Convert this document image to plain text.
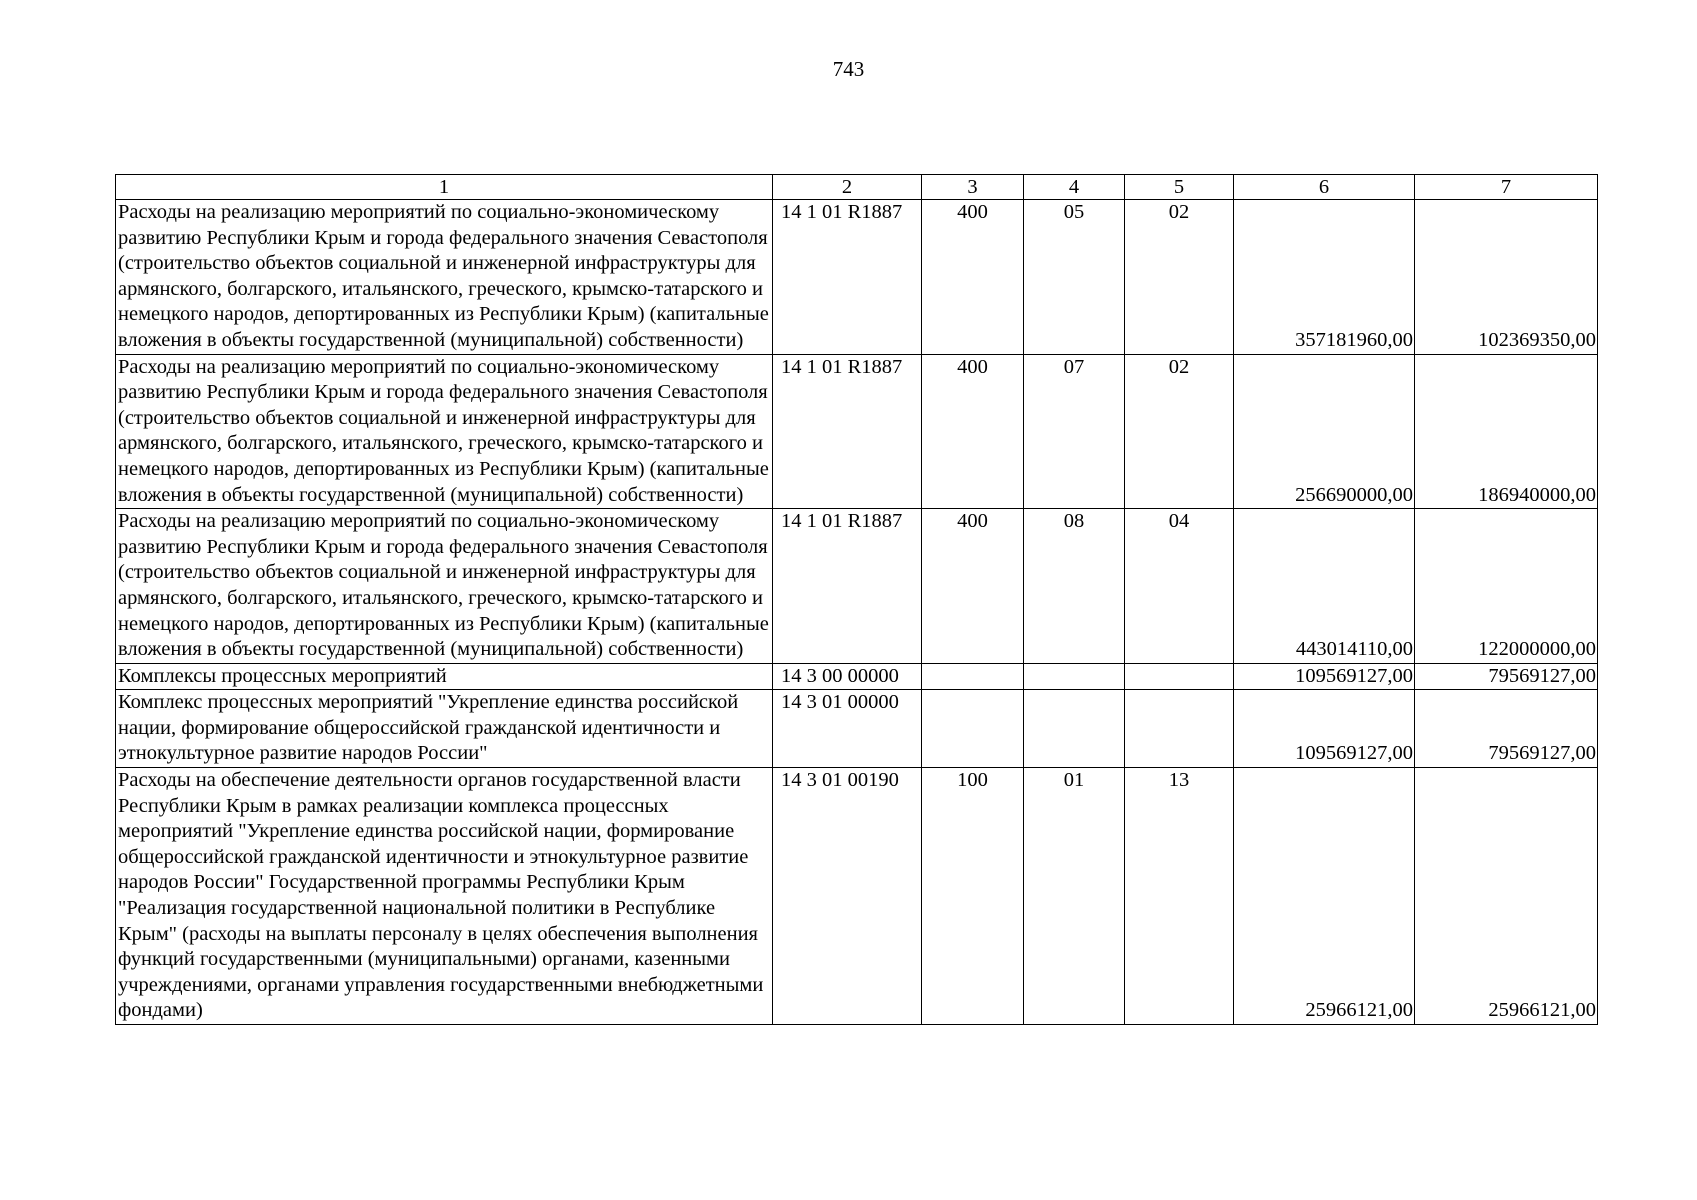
743
1	2	3	4	5	6	7
Расходы на реализацию мероприятий по социально-экономическому развитию Республики Крым и города федерального значения Севастополя (строительство объектов социальной и инженерной инфраструктуры для армянского, болгарского, итальянского, греческого, крымско-татарского и немецкого народов, депортированных из Республики Крым) (капитальные вложения в объекты государственной (муниципальной) собственности)	14 1 01 R1887	400	05	02	357181960,00	102369350,00
Расходы на реализацию мероприятий по социально-экономическому развитию Республики Крым и города федерального значения Севастополя (строительство объектов социальной и инженерной инфраструктуры для армянского, болгарского, итальянского, греческого, крымско-татарского и немецкого народов, депортированных из Республики Крым) (капитальные вложения в объекты государственной (муниципальной) собственности)	14 1 01 R1887	400	07	02	256690000,00	186940000,00
Расходы на реализацию мероприятий по социально-экономическому развитию Республики Крым и города федерального значения Севастополя (строительство объектов социальной и инженерной инфраструктуры для армянского, болгарского, итальянского, греческого, крымско-татарского и немецкого народов, депортированных из Республики Крым) (капитальные вложения в объекты государственной (муниципальной) собственности)	14 1 01 R1887	400	08	04	443014110,00	122000000,00
Комплексы процессных мероприятий	14 3 00 00000				109569127,00	79569127,00
Комплекс процессных мероприятий "Укрепление единства российской нации, формирование общероссийской гражданской идентичности и этнокультурное развитие народов России"	14 3 01 00000				109569127,00	79569127,00
Расходы на обеспечение деятельности органов государственной власти Республики Крым в рамках реализации комплекса процессных мероприятий "Укрепление единства российской нации, формирование общероссийской гражданской идентичности и этнокультурное развитие народов России" Государственной программы Республики Крым "Реализация государственной национальной политики в Республике Крым" (расходы на выплаты персоналу в целях обеспечения выполнения функций государственными (муниципальными) органами, казенными учреждениями, органами управления государственными внебюджетными фондами)	14 3 01 00190	100	01	13	25966121,00	25966121,00
